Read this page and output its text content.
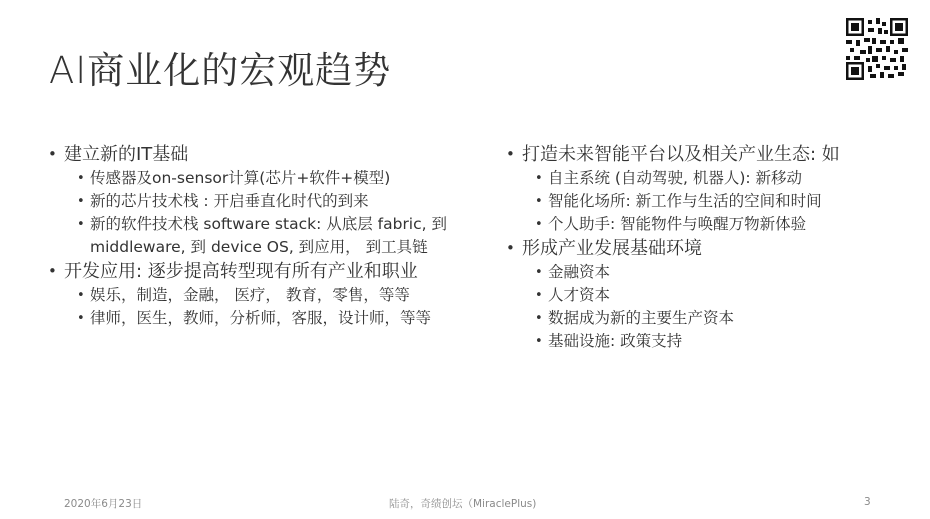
AI商业化的宏观趋势
• 建立新的IT基础
• 传感器及on-sensor计算(芯片+软件+模型)
• 新的芯片技术栈 : 开启垂直化时代的到来
• 新的软件技术栈 software stack: 从底层 fabric, 到
middleware, 到 device OS, 到应用， 到工具链
• 开发应用: 逐步提高转型现有所有产业和职业
• 娱乐，制造，金融， 医疗， 教育，零售，等等
• 律师，医生，教师，分析师，客服，设计师，等等
• 打造未来智能平台以及相关产业生态: 如
• 自主系统 (自动驾驶, 机器人): 新移动
• 智能化场所: 新工作与生活的空间和时间
• 个人助手: 智能物件与唤醒万物新体验
• 形成产业发展基础环境
• 金融资本
• 人才资本
• 数据成为新的主要生产资本
• 基础设施: 政策支持
2020年6月23日	陆奇，奇绩创坛（MiraclePlus)	3
